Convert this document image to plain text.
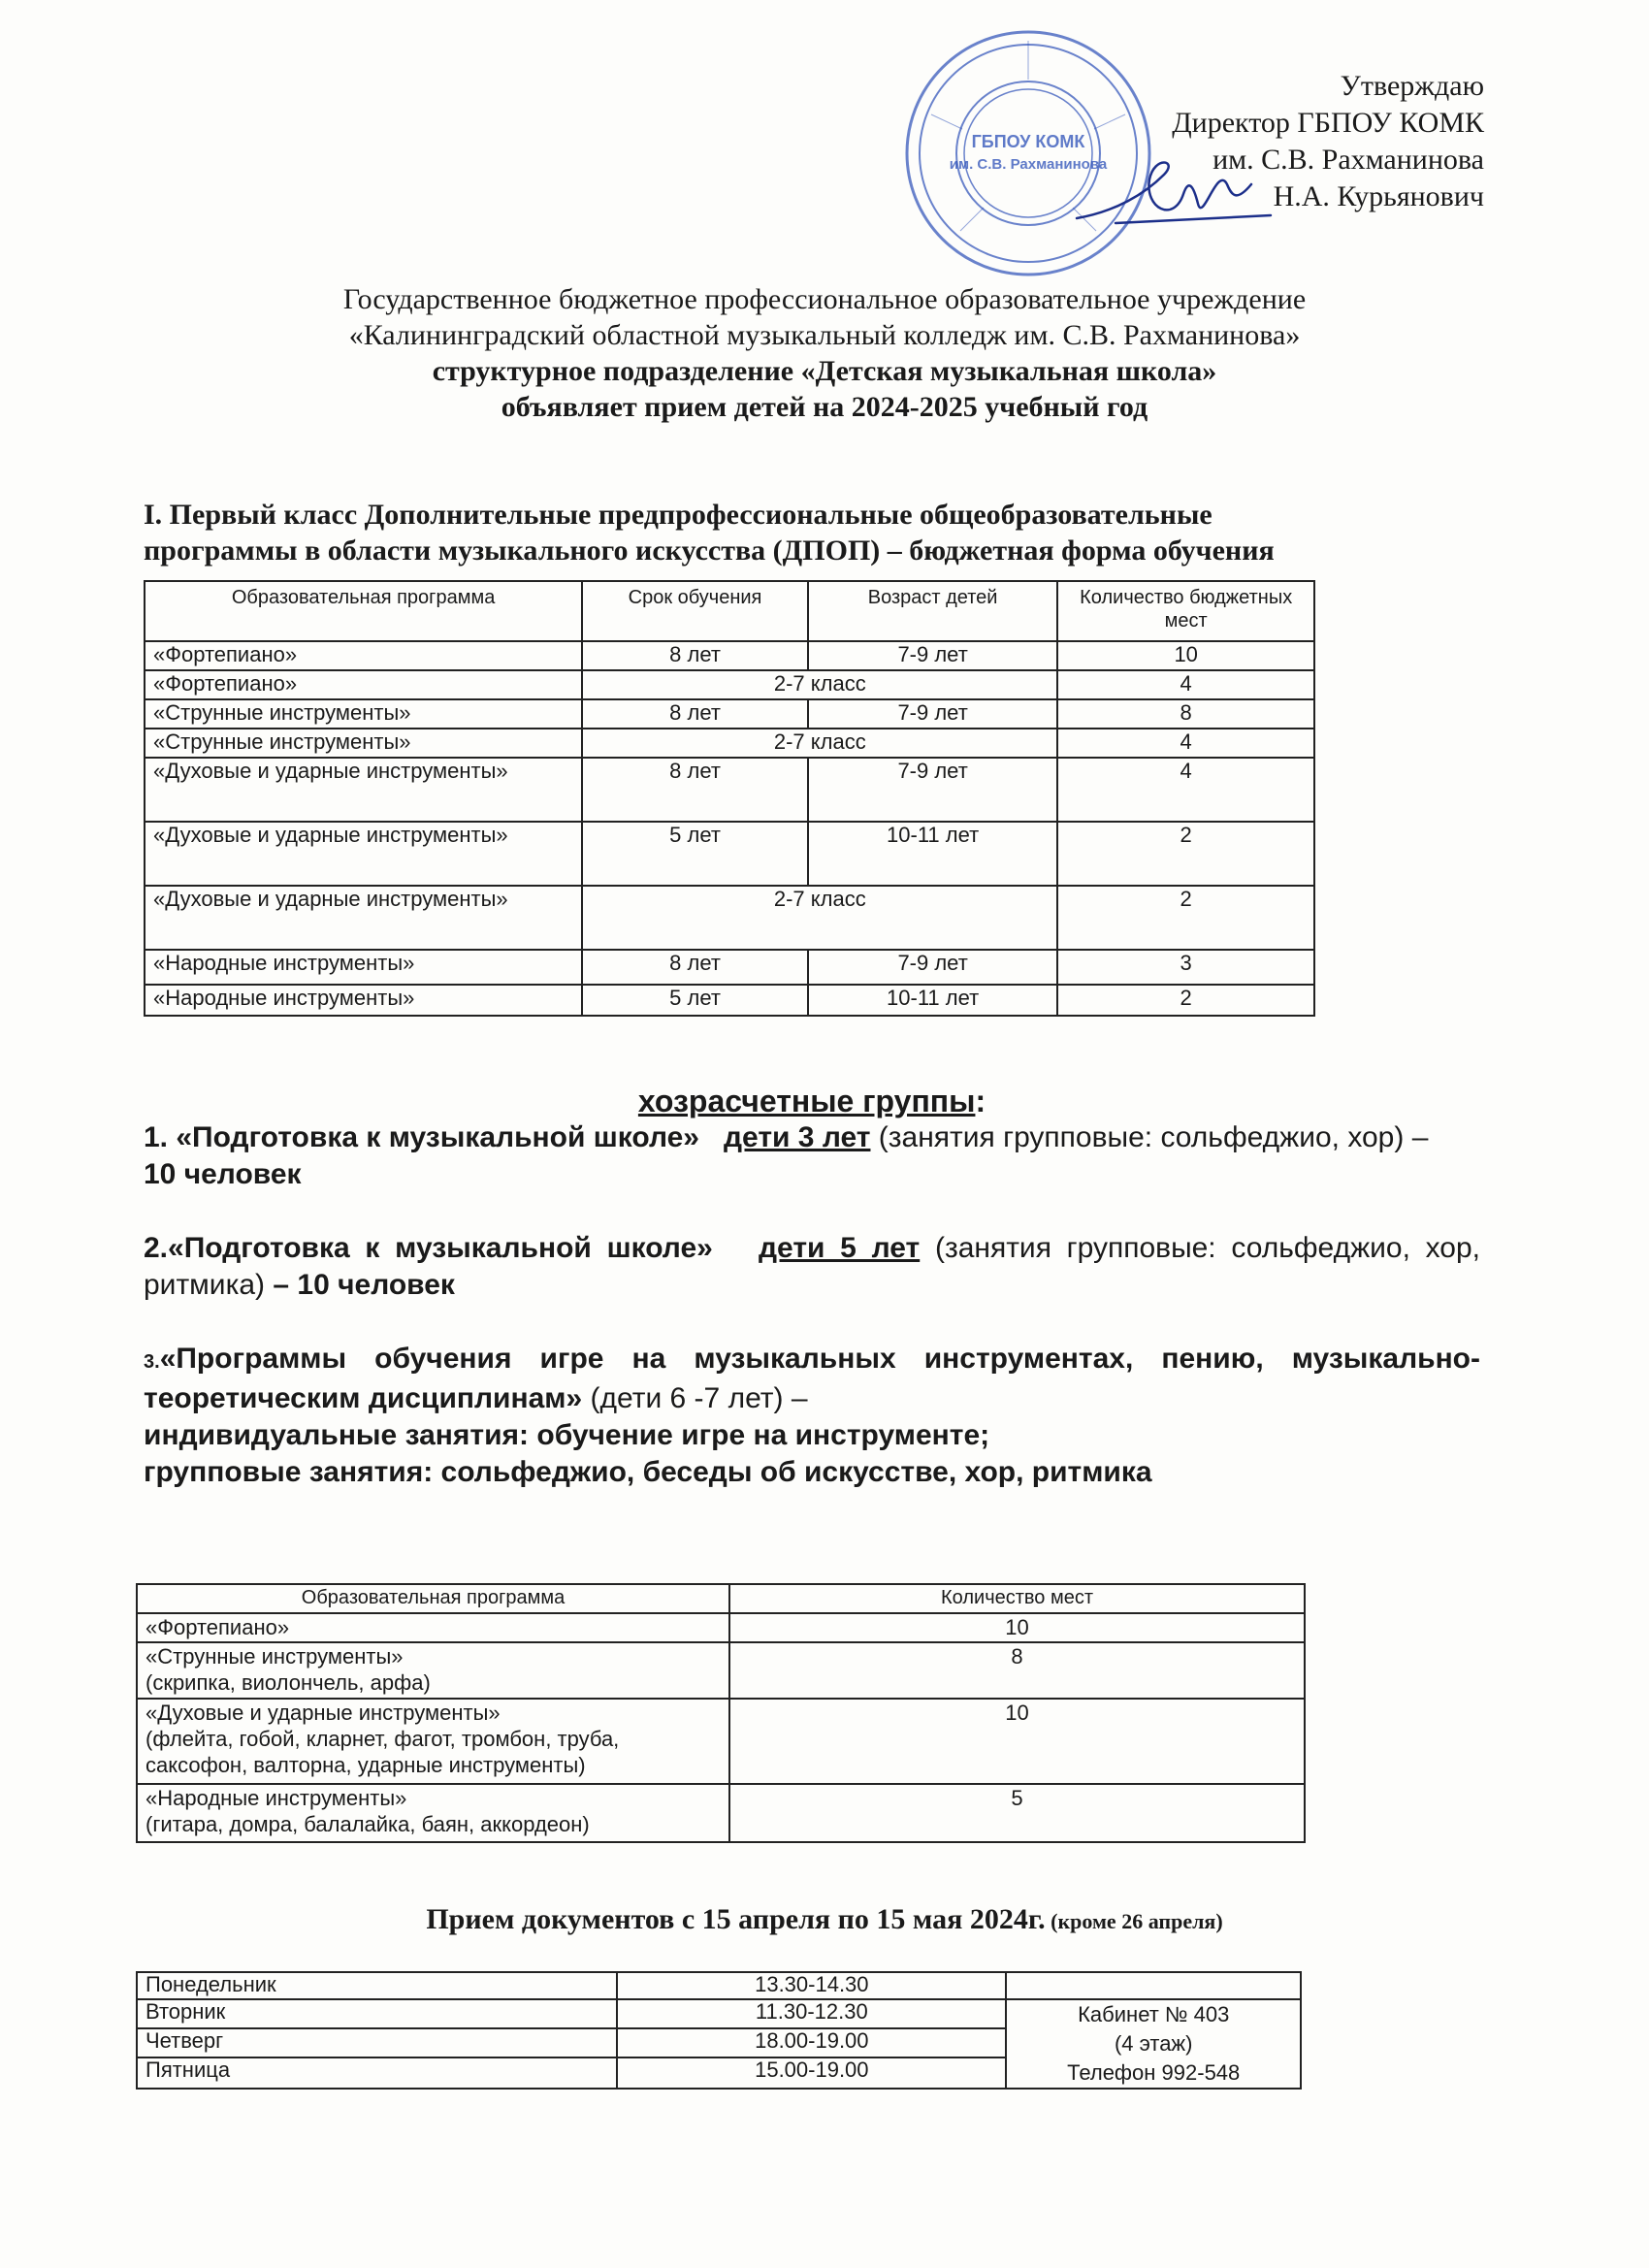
Утверждаю
Директор ГБПОУ КОМК
им. С.В. Рахманинова
Н.А. Курьянович
ГБПОУ КОМК
им. С.В. Рахманинова
Государственное бюджетное профессиональное образовательное учреждение
«Калининградский областной музыкальный колледж им. С.В. Рахманинова»
структурное подразделение «Детская музыкальная школа»
объявляет прием детей на 2024-2025 учебный год
I. Первый класс Дополнительные предпрофессиональные общеобразовательные
программы в области музыкального искусства (ДПОП) – бюджетная форма обучения
Образовательная программа	Срок обучения	Возраст детей	Количество бюджетных мест
«Фортепиано»	8 лет	7-9 лет	10
«Фортепиано»	2-7 класс		4
«Струнные инструменты»	8 лет	7-9 лет	8
«Струнные инструменты»	2-7 класс		4
«Духовые и ударные инструменты»	8 лет	7-9 лет	4
«Духовые и ударные инструменты»	5 лет	10-11 лет	2
«Духовые и ударные инструменты»	2-7 класс		2
«Народные инструменты»	8 лет	7-9 лет	3
«Народные инструменты»	5 лет	10-11 лет	2
хозрасчетные группы:
1. «Подготовка к музыкальной школе» дети 3 лет (занятия групповые: сольфеджио, хор) –
10 человек
2.«Подготовка к музыкальной школе» дети 5 лет (занятия групповые: сольфеджио, хор, ритмика) – 10 человек
3.«Программы обучения игре на музыкальных инструментах, пению, музыкально-теоретическим дисциплинам» (дети 6 -7 лет) –
индивидуальные занятия: обучение игре на инструменте;
групповые занятия: сольфеджио, беседы об искусстве, хор, ритмика
Образовательная программа	Количество мест

«Фортепиано»	10

«Струнные инструменты»
(скрипка, виолончель, арфа)	8

«Духовые и ударные инструменты»
(флейта, гобой, кларнет, фагот, тромбон, труба, саксофон, валторна, ударные инструменты)	10

«Народные инструменты»
(гитара, домра, балалайка, баян, аккордеон)	5
Прием документов с 15 апреля по 15 мая 2024г. (кроме 26 апреля)
Понедельник	13.30-14.30	
Вторник	11.30-12.30	Кабинет № 403
(4 этаж)
Телефон 992-548

Четверг	18.00-19.00	
Пятница	15.00-19.00	
